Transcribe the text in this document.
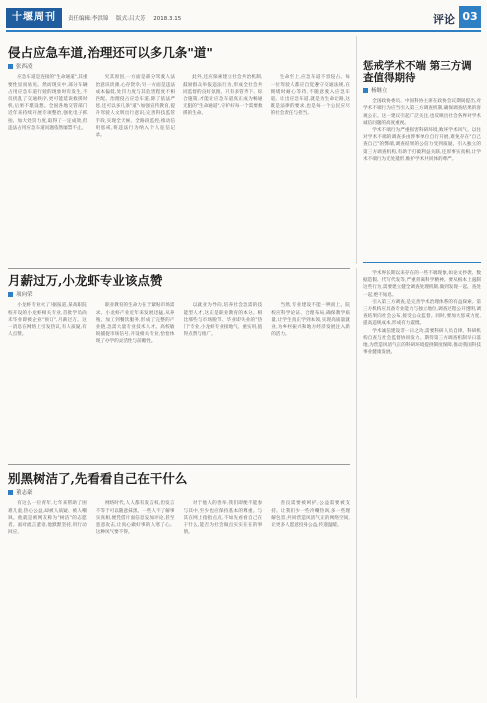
十堰周刊	责任编辑:李洪锦 版式:吕大芳 2018.3.15	评论 03
侵占应急车道,治理还可以多几条"道"
张西凌

应急车道是连接的"生命通道",其重要性显而易见。然而现实中,部分车辆占用应急车道行驶的现象时有发生,不仅扰乱了交通秩序,更可能延误救援时机,后果不堪设想。全国各地交管部门近年来持续开展专项整治,强化电子抓拍、加大处罚力度,取得了一定成效,但违法占用应急车道问题依然屡禁不止。

究其原因,一方面是部分驾驶人法治意识淡薄,心存侥幸;另一方面是违法成本偏低,处罚力度与其危害程度不相匹配。治理侵占应急车道,除了依法严惩,还可以多几条"道":加强宣传教育,提升驾驶人文明出行意识;完善科技监管手段,实现全天候、全路段监控;推动信用惩戒,将违法行为纳入个人征信记录。

此外,还应探索建立社会共治机制,鼓励群众举报违法行为,形成全社会共同监督的良好氛围。只有多管齐下、综合施策,才能让应急车道真正成为畅通无阻的"生命通道",守护好每一个需要救援的生命。

生命至上,应急车道不容侵占。每一位驾驶人都应自觉遵守交通法规,在拥堵时耐心等待,不随意驶入应急车道。让出应急车道,就是为生命让路,这既是法律的要求,也是每一个公民应尽的社会责任与担当。

惩戒学术不端 第三方调查值得期待
杨继立

全国政协委员、中国科协主席在政协会议期间提出,对学术不端行为应当引入第三方调查机制,确保调查结果的客观公正。这一建议引起广泛关注,也反映出社会各界对学术诚信问题的高度重视。

学术不端行为严重损害科研环境,败坏学术风气。以往对学术不端的调查多由涉事单位自行开展,难免存在"自己查自己"的弊端,调查结果的公信力受到质疑。引入独立的第三方调查机构,有助于打破利益关联,还原事实真相,让学术不端行为无处遁形,维护学术共同体的尊严。

月薪过万,小龙虾专业该点赞
项向荣

小龙虾专业火了!据报道,某高职院校开设的小龙虾相关专业,首批学员尚未毕业即被企业"预订",月薪过万。这一消息在网络上引发热议,有人质疑,有人点赞。

职业教育的生命力在于紧贴市场需求。小龙虾产业近年来发展迅猛,从养殖、加工到餐饮服务,形成了完整的产业链,急需大量专业技术人才。高校敏锐捕捉市场信号,开设相关专业,恰恰体现了办学的灵活性与前瞻性。

以就业为导向,培养社会急需的技能型人才,这正是职业教育的本分。相比那些与市场脱节、毕业即失业的"热门"专业,小龙虾专业接地气、重实用,值得点赞与推广。

当然,专业建设不能一哄而上。院校应科学论证、合理布局,确保教学质量,让学生真正学到本领,实现高质量就业,为乡村振兴和地方经济发展注入新的活力。

别黑树洁了,先看看自己在干什么
董志豪

有这么一位青年,七年来帮助了困难儿童,热心公益,却被人质疑、被人嘲讽。他就是被网友称为"树洁"的志愿者。面对流言蜚语,他默默坚持,用行动回应。

网络时代,人人都有发言权,但发言不等于可以随意抹黑。一些人不了解事实真相,便凭借片面信息妄加评论,甚至恶意攻击,让真心做好事的人寒了心。这种风气要不得。

对于他人的善举,我们即便不能参与其中,至少也应保持基本的尊重。与其在网上指指点点,不如先看看自己在干什么,能否为社会做点实实在在的事情。

善良需要被呵护,公益需要被支持。让我们少一些冷嘲热讽,多一些理解包容,共同营造风清气正的网络空间,让更多人愿意投身公益,传递温暖。

学术界长期以来存在的一些不端现象,如论文抄袭、数据造假、代写代发等,严重背离科学精神。要从根本上遏制这些行为,需要建立健全调查处理机制,做到发现一起、查处一起,绝不姑息。

引入第三方调查,是完善学术治理体系的有益探索。第三方机构应具备专业能力与独立地位,调查过程公开透明,调查结果向社会公布,接受公众监督。同时,要加大惩戒力度,提高违规成本,形成有力震慑。

学术诚信建设非一日之功,需要科研人员自律、科研机构自查与社会监督协同发力。期待第三方调查机制早日落地,为营造风清气正的科研环境提供制度保障,推动我国科技事业健康发展。
